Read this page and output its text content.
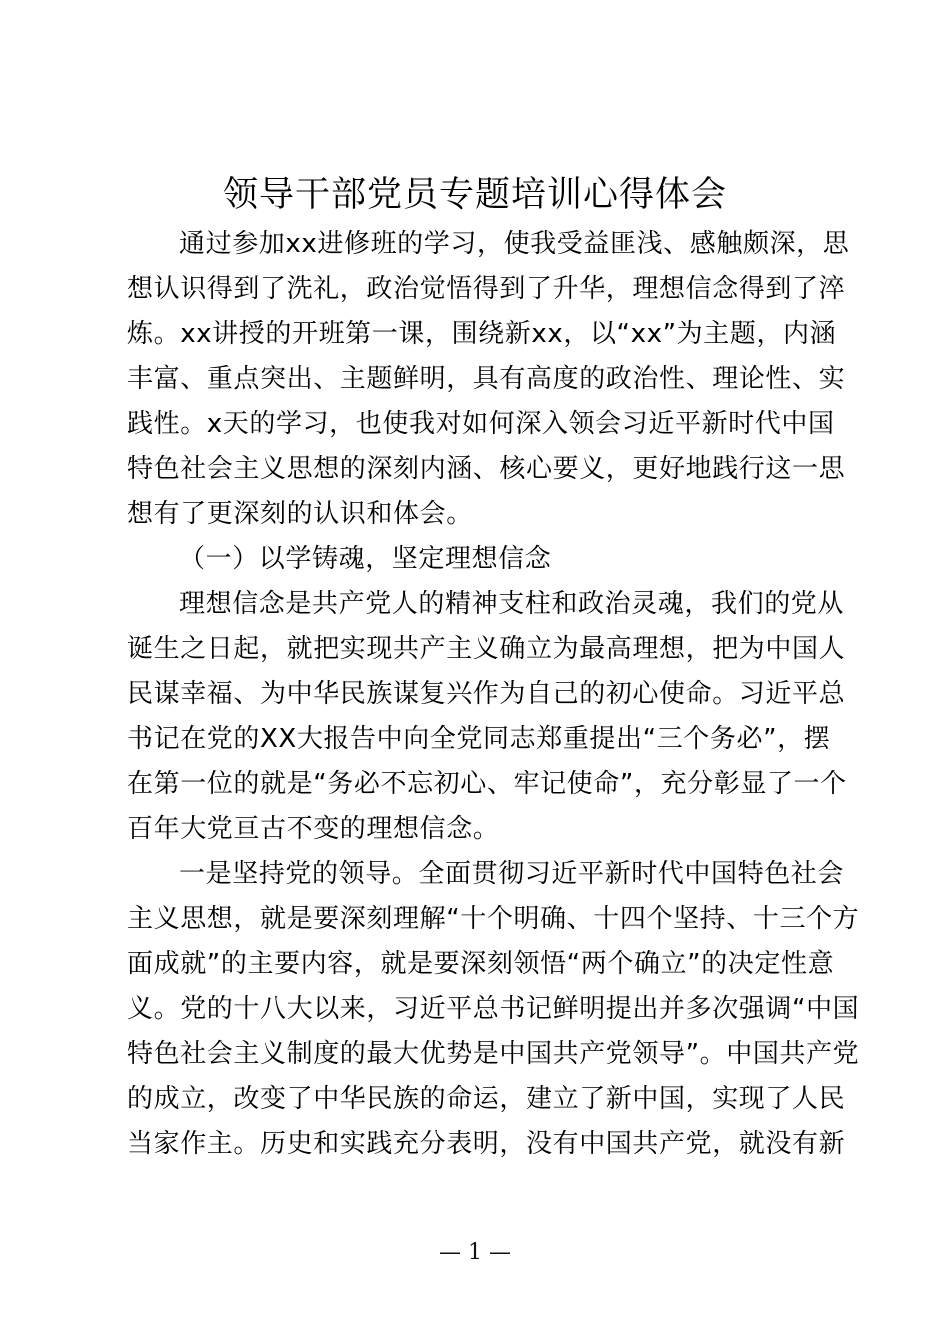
领导干部党员专题培训心得体会
通过参加xx进修班的学习，使我受益匪浅、感触颇深，思
想认识得到了洗礼，政治觉悟得到了升华，理想信念得到了淬
炼。xx讲授的开班第一课，围绕新xx，以“xx”为主题，内涵
丰富、重点突出、主题鲜明，具有高度的政治性、理论性、实
践性。x天的学习，也使我对如何深入领会习近平新时代中国
特色社会主义思想的深刻内涵、核心要义，更好地践行这一思
想有了更深刻的认识和体会。
（一）以学铸魂，坚定理想信念
理想信念是共产党人的精神支柱和政治灵魂，我们的党从
诞生之日起，就把实现共产主义确立为最高理想，把为中国人
民谋幸福、为中华民族谋复兴作为自己的初心使命。习近平总
书记在党的XX大报告中向全党同志郑重提出“三个务必”，摆
在第一位的就是“务必不忘初心、牢记使命”，充分彰显了一个
百年大党亘古不变的理想信念。
一是坚持党的领导。全面贯彻习近平新时代中国特色社会
主义思想，就是要深刻理解“十个明确、十四个坚持、十三个方
面成就”的主要内容，就是要深刻领悟“两个确立”的决定性意
义。党的十八大以来，习近平总书记鲜明提出并多次强调“中国
特色社会主义制度的最大优势是中国共产党领导”。中国共产党
的成立，改变了中华民族的命运，建立了新中国，实现了人民
当家作主。历史和实践充分表明，没有中国共产党，就没有新
— 1 —
